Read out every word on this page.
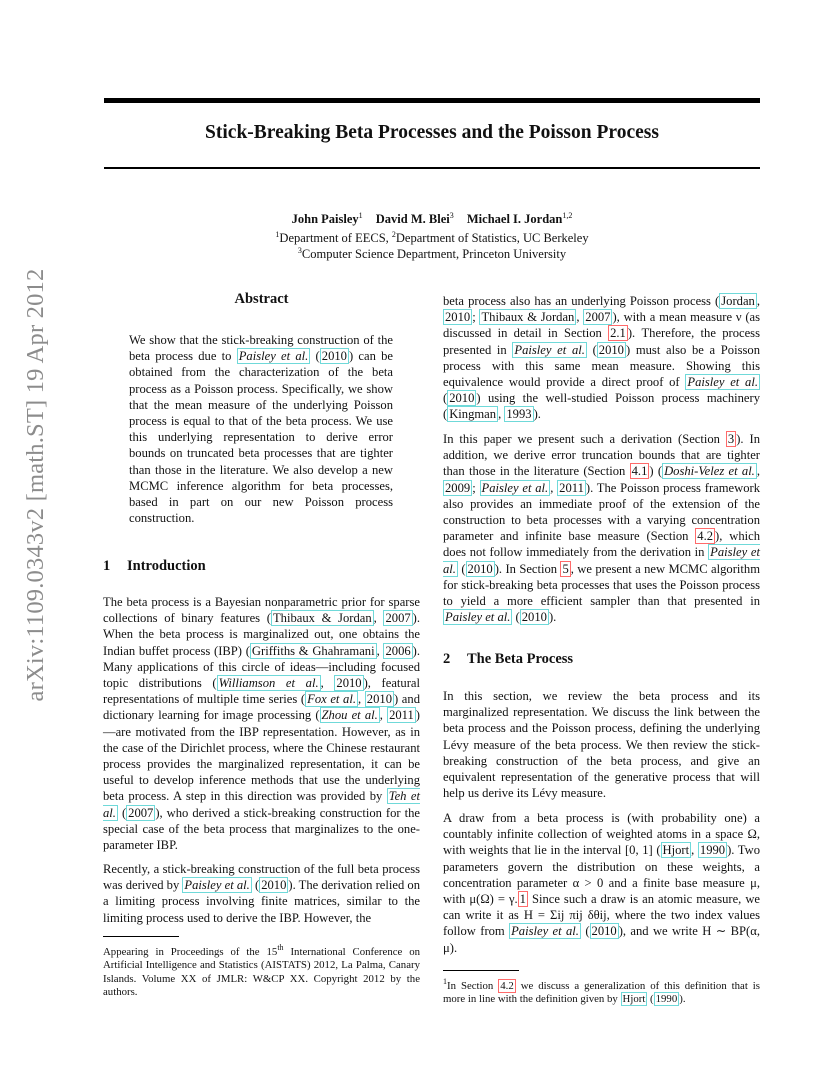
Stick-Breaking Beta Processes and the Poisson Process
John Paisley$^1$ David M. Blei$^3$ Michael I. Jordan$^{1,2}$
$^1$Department of EECS, $^2$Department of Statistics, UC Berkeley
$^3$Computer Science Department, Princeton University
arXiv:1109.0343v2 [math.ST] 19 Apr 2012	Abstract
We show that the stick-breaking construction of the beta process due to Paisley et al. ( 2010 ) can be obtained from the characterization of the beta process as a Poisson process. Specifically, we show that the mean measure of the underlying Poisson process is equal to that of the beta process. We use this underlying representation to derive error bounds on truncated beta processes that are tighter than those in the literature. We also develop a new MCMC inference algorithm for beta processes, based in part on our new Poisson process construction.
1 Introduction
The beta process is a Bayesian nonparametric prior for sparse collections of binary features ( Thibaux & Jordan , 2007 ). When the beta process is marginalized out, one obtains the Indian buffet process (IBP) ( Griffiths & Ghahramani , 2006 ). Many applications of this circle of ideas—including focused topic distributions ( Williamson et al. , 2010 ), featural representations of multiple time series ( Fox et al. , 2010 ) and dictionary learning for image processing ( Zhou et al. , 2011 )—are motivated from the IBP representation. However, as in the case of the Dirichlet process, where the Chinese restaurant process provides the marginalized representation, it can be useful to develop inference methods that use the underlying beta process. A step in this direction was provided by Teh et al. ( 2007 ), who derived a stick-breaking construction for the special case of the beta process that marginalizes to the one-parameter IBP.
Recently, a stick-breaking construction of the full beta process was derived by Paisley et al. ( 2010 ). The derivation relied on a limiting process involving finite matrices, similar to the limiting process used to derive the IBP. However, the
Appearing in Proceedings of the 15th International Conference on Artificial Intelligence and Statistics (AISTATS) 2012, La Palma, Canary Islands. Volume XX of JMLR: W&CP XX. Copyright 2012 by the authors.
beta process also has an underlying Poisson process ( Jordan , 2010 ; Thibaux & Jordan , 2007 ), with a mean measure ν (as discussed in detail in Section 2.1 ). Therefore, the process presented in Paisley et al. ( 2010 ) must also be a Poisson process with this same mean measure. Showing this equivalence would provide a direct proof of Paisley et al. ( 2010 ) using the well-studied Poisson process machinery ( Kingman , 1993 ).
In this paper we present such a derivation (Section 3 ). In addition, we derive error truncation bounds that are tighter than those in the literature (Section 4.1 ) ( Doshi-Velez et al. , 2009 ; Paisley et al. , 2011 ). The Poisson process framework also provides an immediate proof of the extension of the construction to beta processes with a varying concentration parameter and infinite base measure (Section 4.2 ), which does not follow immediately from the derivation in Paisley et al. ( 2010 ). In Section 5 , we present a new MCMC algorithm for stick-breaking beta processes that uses the Poisson process to yield a more efficient sampler than that presented in Paisley et al. ( 2010 ).
2 The Beta Process
In this section, we review the beta process and its marginalized representation. We discuss the link between the beta process and the Poisson process, defining the underlying Lévy measure of the beta process. We then review the stick-breaking construction of the beta process, and give an equivalent representation of the generative process that will help us derive its Lévy measure.
A draw from a beta process is (with probability one) a countably infinite collection of weighted atoms in a space Ω, with weights that lie in the interval [0, 1] ( Hjort , 1990 ). Two parameters govern the distribution on these weights, a concentration parameter α > 0 and a finite base measure μ, with μ(Ω) = γ. 1 Since such a draw is an atomic measure, we can write it as H = Σij πij δθij, where the two index values follow from Paisley et al. ( 2010 ), and we write H ∼ BP(α, μ).
$^1$In Section 4.2 we discuss a generalization of this definition that is more in line with the definition given by Hjort ( 1990 ).
